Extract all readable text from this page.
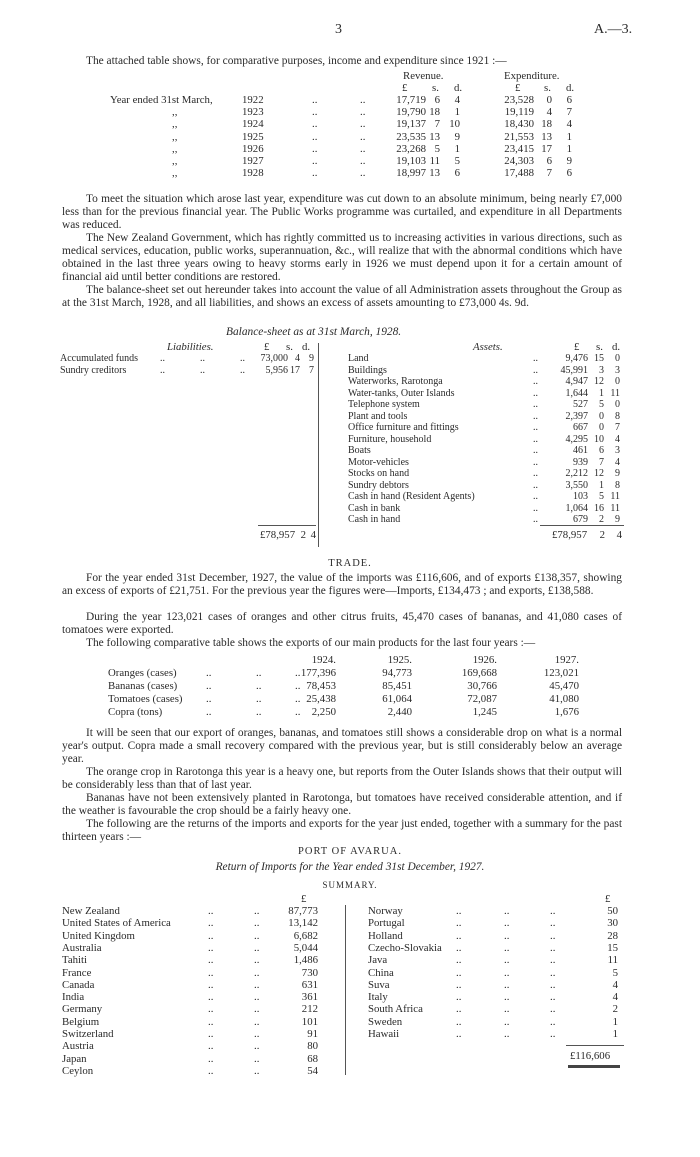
3	A.—3.
The attached table shows, for comparative purposes, income and expenditure since 1921 :—
Revenue.	Expenditure.
£ s. d.	£ s. d.
Year ended 31st March,	1922	..	..	17,719 6	4	23,528	0	6
,,	1923	..	..	19,790 18	1	19,119	4	7
,,	1924	..	..	19,137 7 10	18,430 18	4
,,	1925	..	..	23,535 13	9	21,553 13	1
,,	1926	..	..	23,268 5	1	23,415 17	1
,,	1927	..	..	19,103 11	5	24,303	6	9
,,	1928	..	..	18,997 13	6	17,488	7	6
To meet the situation which arose last year, expenditure was cut down to an absolute minimum, being nearly £7,000 less than for the previous financial year. The Public Works programme was curtailed, and expenditure in all Departments was reduced.
The New Zealand Government, which has rightly committed us to increasing activities in various directions, such as medical services, education, public works, superannuation, &c., will realize that with the abnormal conditions which have obtained in the last three years owing to heavy storms early in 1926 we must depend upon it for a certain amount of financial aid until better conditions are restored.
The balance-sheet set out hereunder takes into account the value of all Administration assets throughout the Group as at the 31st March, 1928, and all liabilities, and shows an excess of assets amounting to £73,000 4s. 9d.
Balance-sheet as at 31st March, 1928.
Liabilities.	Assets.
£ s. d.	£ s. d.
Accumulated funds ..	..	..	73,000 4 9
Sundry creditors	..	..	..	5,956 17 7
Land	..	9,476 15	0
Buildings	..	45,991	3	3
Waterworks, Rarotonga	..	4,947 12	0
Water-tanks, Outer Islands	..	1,644	1 11
Telephone system	..	527	5	0
Plant and tools	..	2,397	0	8
Office furniture and fittings	..	667	0	7
Furniture, household	..	4,295 10	4
Boats	..	461	6	3
Motor-vehicles	..	939	7	4
Stocks on hand	..	2,212 12	9
Sundry debtors	..	3,550	1	8
Cash in hand (Resident Agents)	..	103	5 11
Cash in bank	..	1,064 16 11
Cash in hand	..	679	2	9
£78,957 2 4	£78,957	2	4
TRADE.
For the year ended 31st December, 1927, the value of the imports was £116,606, and of exports £138,357, showing an excess of exports of £21,751. For the previous year the figures were—Imports, £134,473 ; and exports, £138,588.
During the year 123,021 cases of oranges and other citrus fruits, 45,470 cases of bananas, and 41,080 cases of tomatoes were exported.
The following comparative table shows the exports of our main products for the last four years :—
1924.	1925.	1926.	1927.
Oranges (cases)	..	..	.. 177,396	94,773	169,668	123,021
Bananas (cases)	..	..	.. 78,453	85,451	30,766	45,470
Tomatoes (cases) ..	..	.. 25,438	61,064	72,087	41,080
Copra (tons)	..	..	..	2,250	2,440	1,245	1,676
It will be seen that our export of oranges, bananas, and tomatoes still shows a considerable drop on what is a normal year's output. Copra made a small recovery compared with the previous year, but is still considerably below an average year.
The orange crop in Rarotonga this year is a heavy one, but reports from the Outer Islands shows that their output will be considerably less than that of last year.
Bananas have not been extensively planted in Rarotonga, but tomatoes have received considerable attention, and if the weather is favourable the crop should be a fairly heavy one.
The following are the returns of the imports and exports for the year just ended, together with a summary for the past thirteen years :—
PORT OF AVARUA.
Return of Imports for the Year ended 31st December, 1927.
SUMMARY.
£	£
New Zealand	..	..	87,773
United States of America	..	..	13,142
United Kingdom	..	..	6,682
Australia	..	..	5,044
Tahiti	..	..	1,486
France	..	..	730
Canada	..	..	631
India	..	..	361
Germany	..	..	212
Belgium	..	..	101
Switzerland	..	..	91
Austria	..	..	80
Japan	..	..	68
Ceylon	..	..	54
Norway	..	..	..	50
Portugal	..	..	..	30
Holland	..	..	..	28
Czecho-Slovakia ..	..	..	15
Java	..	..	..	11
China	..	..	..	5
Suva	..	..	..	4
Italy	..	..	..	4
South Africa	..	..	..	2
Sweden	..	..	..	1
Hawaii	..	..	..	1
£116,606
